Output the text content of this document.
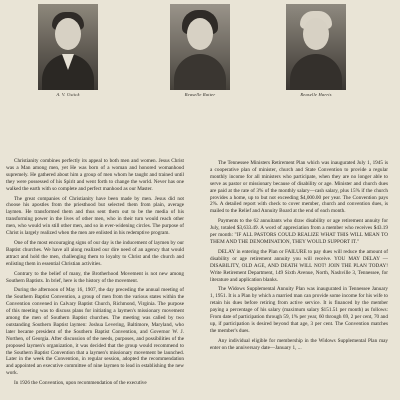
A. V. Ustick	Reaselle Ratter	Reaselle Harris

Christianity combines perfectly its appeal to both men and women. Jesus Christ was a Man among men, yet He was born of a woman and honored womanhood supremely. He gathered about him a group of men whom he taught and trained until they were possessed of his Spirit and went forth to change the world. Never has one walked the earth with so complete and perfect manhood as our Master.

The great companies of Christianity have been made by men. Jesus did not choose his apostles from the priesthood but selected them from plain, average laymen. He transformed them and thus sent them out to be the media of his transforming power in the lives of other men, who in their turn would reach other men, who would win still other men, and so in ever-widening circles. The purpose of Christ is largely realized when the men are enlisted in his redemptive program.

One of the most encouraging signs of our day is the inducement of laymen by our Baptist churches. We have all along realized our dire need of an agency that would attract and hold the men, challenging them to loyalty to Christ and the church and enlisting them in essential Christian activities.

Contrary to the belief of many, the Brotherhood Movement is not new among Southern Baptists. In brief, here is the history of the movement.

During the afternoon of May 16, 1907, the day preceding the annual meeting of the Southern Baptist Convention, a group of men from the various states within the Convention convened in Calvary Baptist Church, Richmond, Virginia. The purpose of this meeting was to discuss plans for initiating a laymen's missionary movement among the men of Southern Baptist churches. The meeting was called by two outstanding Southern Baptist laymen: Joshua Levering, Baltimore, Maryland, who later became president of the Southern Baptist Convention, and Governor W. J. Northen, of Georgia. After discussion of the needs, purposes, and possibilities of the proposed laymen's organization, it was decided that the group would recommend to the Southern Baptist Convention that a laymen's missionary movement be launched. Later in the week the Convention, in regular session, adopted the recommendation and appointed an executive committee of nine laymen to lead in establishing the new work.

In 1926 the Convention, upon recommendation of the executive

The Tennessee Ministers Retirement Plan which was inaugurated July 1, 1945 is a cooperative plan of minister, church and State Convention to provide a regular monthly income for all ministers who participate, when they are no longer able to serve as pastor or missionary because of disability or age. Minister and church dues are paid at the rate of 3% of the monthly salary—cash salary, plus 15% if the church provides a home, up to but not exceeding $4,000.00 per year. The Convention pays 2%. A detailed report with check to cover member, church and convention dues, is mailed to the Relief and Annuity Board at the end of each month.

Payments to the 62 annuitants who draw disability or age retirement annuity for July, totaled $3,633.49. A word of appreciation from a member who receives $43.19 per month: "IF ALL PASTORS COULD REALIZE WHAT THIS WILL MEAN TO THEM AND THE DENOMINATION, THEY WOULD SUPPORT IT."

DELAY in entering the Plan or FAILURE to pay dues will reduce the amount of disability or age retirement annuity you will receive. YOU MAY DELAY — DISABILITY, OLD AGE, AND DEATH WILL NOT! JOIN THE PLAN TODAY! Write Retirement Department, 149 Sixth Avenue, North, Nashville 3, Tennessee, for literature and application blanks.

The Widows Supplemental Annuity Plan was inaugurated in Tennessee January 1, 1951. It is a Plan by which a married man can provide some income for his wife to retain his dues before retiring from active service. It is financed by the member paying a percentage of his salary (maximum salary $151.51 per month) as follows: From date of participation through 59, 1% per year, 60 through 69, 2 per cent, 70 and up, if participation is desired beyond that age, 3 per cent. The Convention matches the member's dues.

Any individual eligible for membership in the Widows Supplemental Plan may enter on the anniversary date—January 1, ...
